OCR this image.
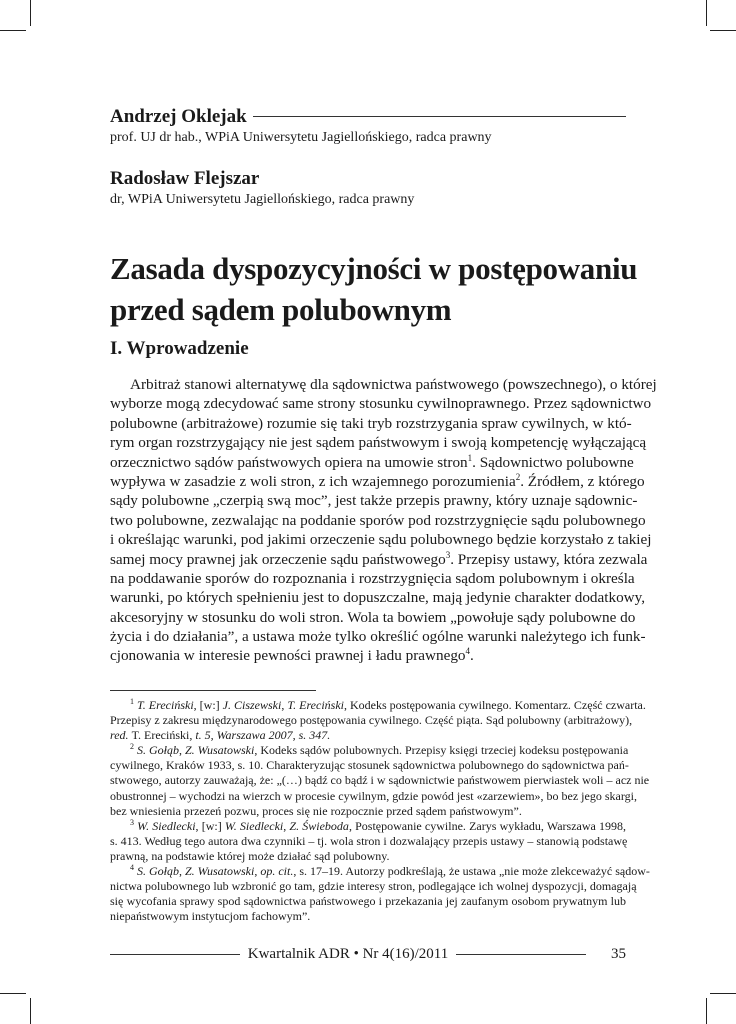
Andrzej Oklejak
prof. UJ dr hab., WPiA Uniwersytetu Jagiellońskiego, radca prawny
Radosław Flejszar
dr, WPiA Uniwersytetu Jagiellońskiego, radca prawny
Zasada dyspozycyjności w postępowaniu
przed sądem polubownym
I. Wprowadzenie
Arbitraż stanowi alternatywę dla sądownictwa państwowego (powszechnego), o której
wyborze mogą zdecydować same strony stosunku cywilnoprawnego. Przez sądownictwo
polubowne (arbitrażowe) rozumie się taki tryb rozstrzygania spraw cywilnych, w któ-
rym organ rozstrzygający nie jest sądem państwowym i swoją kompetencję wyłączającą
orzecznictwo sądów państwowych opiera na umowie stron$^1$. Sądownictwo polubowne
wypływa w zasadzie z woli stron, z ich wzajemnego porozumienia$^2$. Źródłem, z którego
sądy polubowne „czerpią swą moc”, jest także przepis prawny, który uznaje sądownic-
two polubowne, zezwalając na poddanie sporów pod rozstrzygnięcie sądu polubownego
i określając warunki, pod jakimi orzeczenie sądu polubownego będzie korzystało z takiej
samej mocy prawnej jak orzeczenie sądu państwowego$^3$. Przepisy ustawy, która zezwala
na poddawanie sporów do rozpoznania i rozstrzygnięcia sądom polubownym i określa
warunki, po których spełnieniu jest to dopuszczalne, mają jedynie charakter dodatkowy,
akcesoryjny w stosunku do woli stron. Wola ta bowiem „powołuje sądy polubowne do
życia i do działania”, a ustawa może tylko określić ogólne warunki należytego ich funk-
cjonowania w interesie pewności prawnej i ładu prawnego$^4$.
$^1$ T. Ereciński, [w:] J. Ciszewski, T. Ereciński, Kodeks postępowania cywilnego. Komentarz. Część czwarta.
Przepisy z zakresu międzynarodowego postępowania cywilnego. Część piąta. Sąd polubowny (arbitrażowy),
red. T. Ereciński, t. 5, Warszawa 2007, s. 347.
$^2$ S. Gołąb, Z. Wusatowski, Kodeks sądów polubownych. Przepisy księgi trzeciej kodeksu postępowania
cywilnego, Kraków 1933, s. 10. Charakteryzując stosunek sądownictwa polubownego do sądownictwa pań-
stwowego, autorzy zauważają, że: „(…) bądź co bądź i w sądownictwie państwowem pierwiastek woli – acz nie
obustronnej – wychodzi na wierzch w procesie cywilnym, gdzie powód jest «zarzewiem», bo bez jego skargi,
bez wniesienia przezeń pozwu, proces się nie rozpocznie przed sądem państwowym”.
$^3$ W. Siedlecki, [w:] W. Siedlecki, Z. Świeboda, Postępowanie cywilne. Zarys wykładu, Warszawa 1998,
s. 413. Według tego autora dwa czynniki – tj. wola stron i dozwalający przepis ustawy – stanowią podstawę
prawną, na podstawie której może działać sąd polubowny.
$^4$ S. Gołąb, Z. Wusatowski, op. cit., s. 17–19. Autorzy podkreślają, że ustawa „nie może zlekceważyć sądow-
nictwa polubownego lub wzbronić go tam, gdzie interesy stron, podlegające ich wolnej dyspozycji, domagają
się wycofania sprawy spod sądownictwa państwowego i przekazania jej zaufanym osobom prywatnym lub
niepaństwowym instytucjom fachowym”.
Kwartalnik ADR • Nr 4(16)/2011	35
